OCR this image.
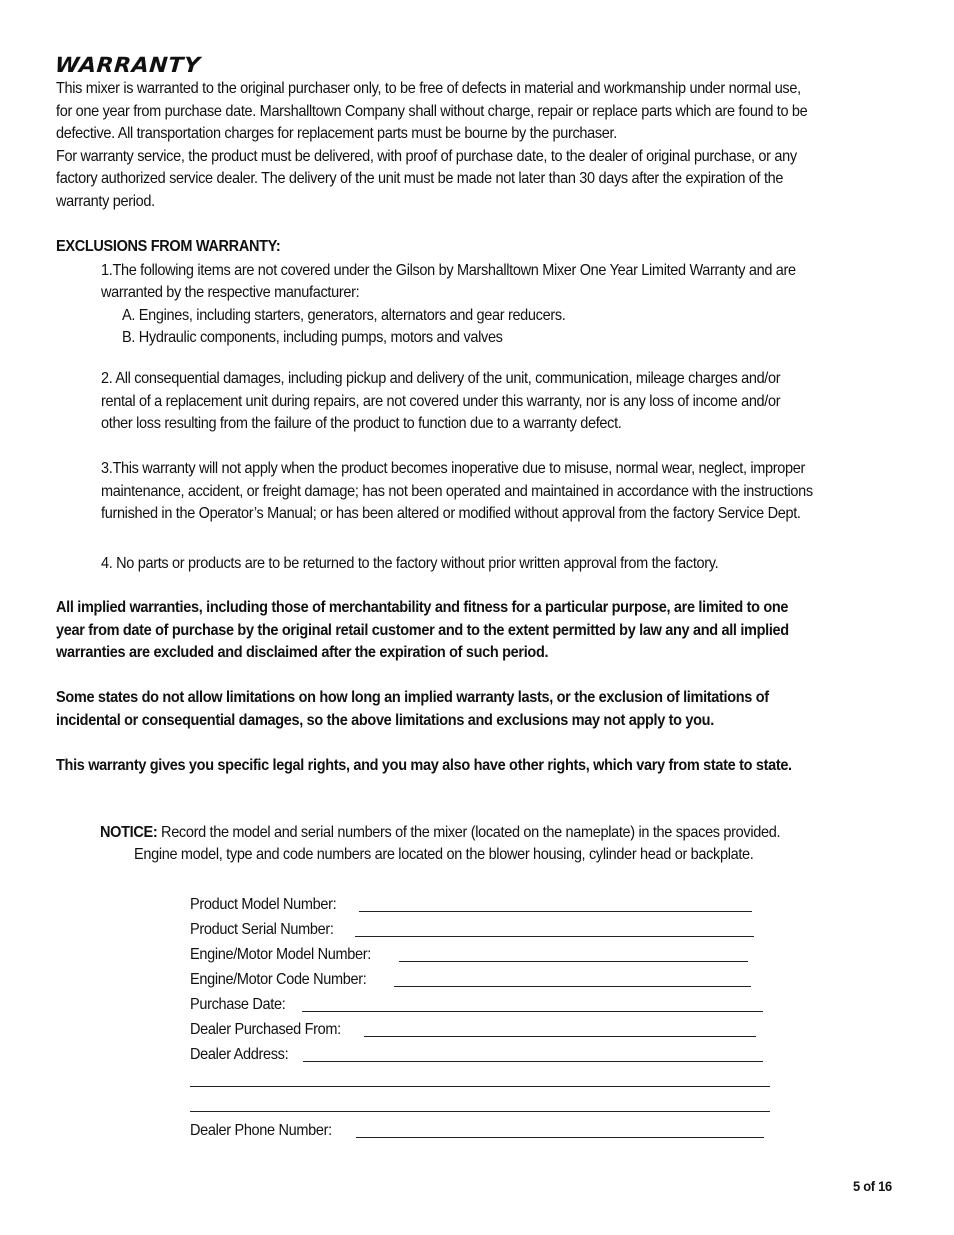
WARRANTY
This mixer is warranted to the original purchaser only, to be free of defects in material and workmanship under normal use,
for one year from purchase date. Marshalltown Company shall without charge, repair or replace parts which are found to be
defective. All transportation charges for replacement parts must be bourne by the purchaser.
For warranty service, the product must be delivered, with proof of purchase date, to the dealer of original purchase, or any
factory authorized service dealer. The delivery of the unit must be made not later than 30 days after the expiration of the
warranty period.
EXCLUSIONS FROM WARRANTY:
1.The following items are not covered under the Gilson by Marshalltown Mixer One Year Limited Warranty and are
warranted by the respective manufacturer:
A. Engines, including starters, generators, alternators and gear reducers.
B. Hydraulic components, including pumps, motors and valves
2. All consequential damages, including pickup and delivery of the unit, communication, mileage charges and/or
rental of a replacement unit during repairs, are not covered under this warranty, nor is any loss of income and/or
other loss resulting from the failure of the product to function due to a warranty defect.
3.This warranty will not apply when the product becomes inoperative due to misuse, normal wear, neglect, improper
maintenance, accident, or freight damage; has not been operated and maintained in accordance with the instructions
furnished in the Operator’s Manual; or has been altered or modified without approval from the factory Service Dept.
4. No parts or products are to be returned to the factory without prior written approval from the factory.
All implied warranties, including those of merchantability and fitness for a particular purpose, are limited to one
year from date of purchase by the original retail customer and to the extent permitted by law any and all implied
warranties are excluded and disclaimed after the expiration of such period.
Some states do not allow limitations on how long an implied warranty lasts, or the exclusion of limitations of
incidental or consequential damages, so the above limitations and exclusions may not apply to you.
This warranty gives you specific legal rights, and you may also have other rights, which vary from state to state.
NOTICE: Record the model and serial numbers of the mixer (located on the nameplate) in the spaces provided.
Engine model, type and code numbers are located on the blower housing, cylinder head or backplate.
Product Model Number:
Product Serial Number:
Engine/Motor Model Number:
Engine/Motor Code Number:
Purchase Date:
Dealer Purchased From:
Dealer Address:
Dealer Phone Number:
5 of 16
